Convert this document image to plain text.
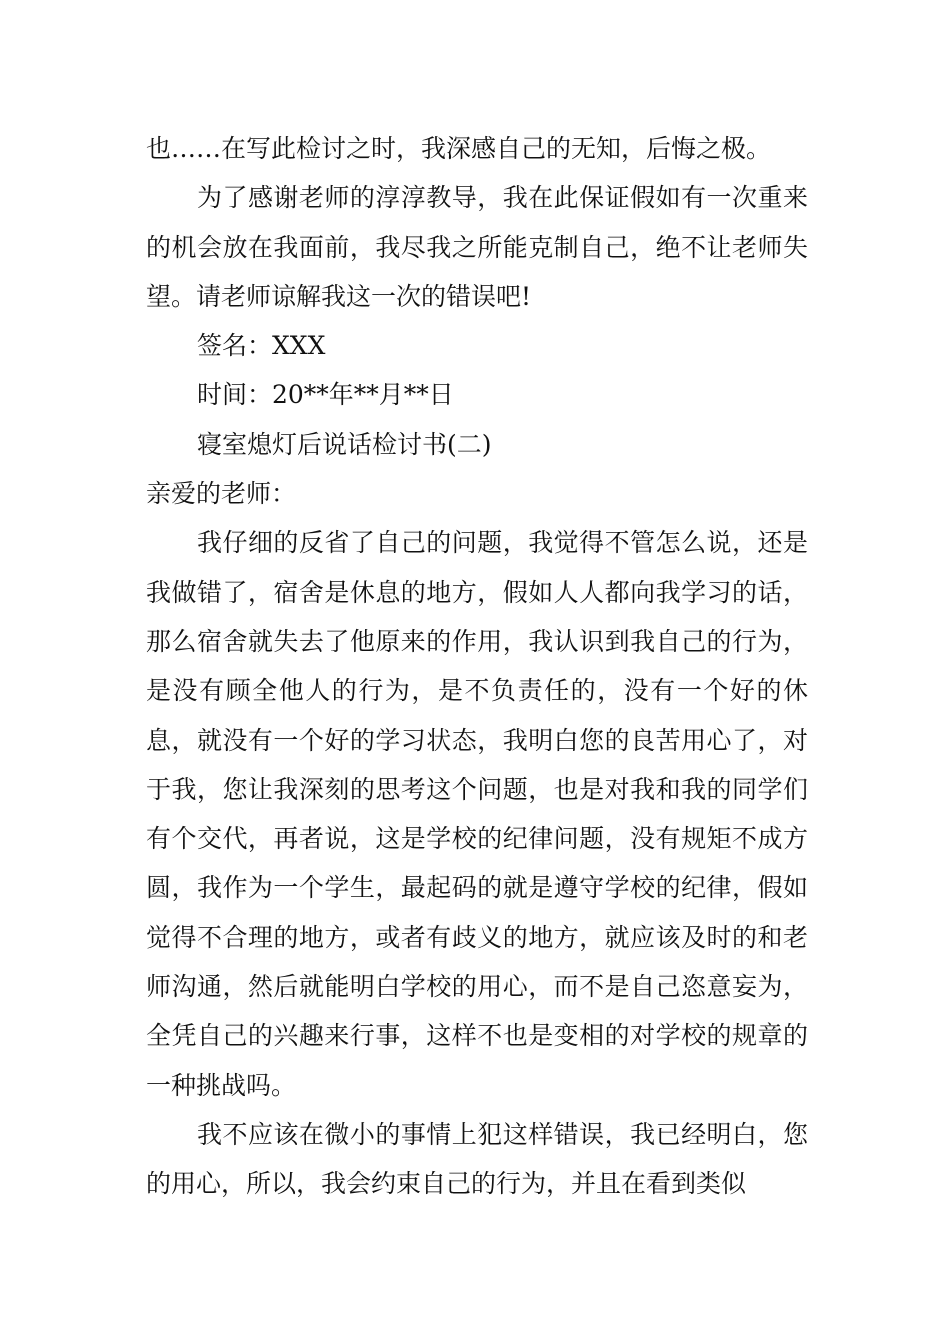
也……在写此检讨之时，我深感自己的无知，后悔之极。

为了感谢老师的淳淳教导，我在此保证假如有一次重来的机会放在我面前，我尽我之所能克制自己，绝不让老师失望。请老师谅解我这一次的错误吧!

签名：XXX

时间：20**年**月**日

寝室熄灯后说话检讨书(二)

亲爱的老师：

我仔细的反省了自己的问题，我觉得不管怎么说，还是我做错了，宿舍是休息的地方，假如人人都向我学习的话，那么宿舍就失去了他原来的作用，我认识到我自己的行为，是没有顾全他人的行为，是不负责任的，没有一个好的休息，就没有一个好的学习状态，我明白您的良苦用心了，对于我，您让我深刻的思考这个问题，也是对我和我的同学们有个交代，再者说，这是学校的纪律问题，没有规矩不成方圆，我作为一个学生，最起码的就是遵守学校的纪律，假如觉得不合理的地方，或者有歧义的地方，就应该及时的和老师沟通，然后就能明白学校的用心，而不是自己恣意妄为，全凭自己的兴趣来行事，这样不也是变相的对学校的规章的一种挑战吗。

我不应该在微小的事情上犯这样错误，我已经明白，您的用心，所以，我会约束自己的行为，并且在看到类似
